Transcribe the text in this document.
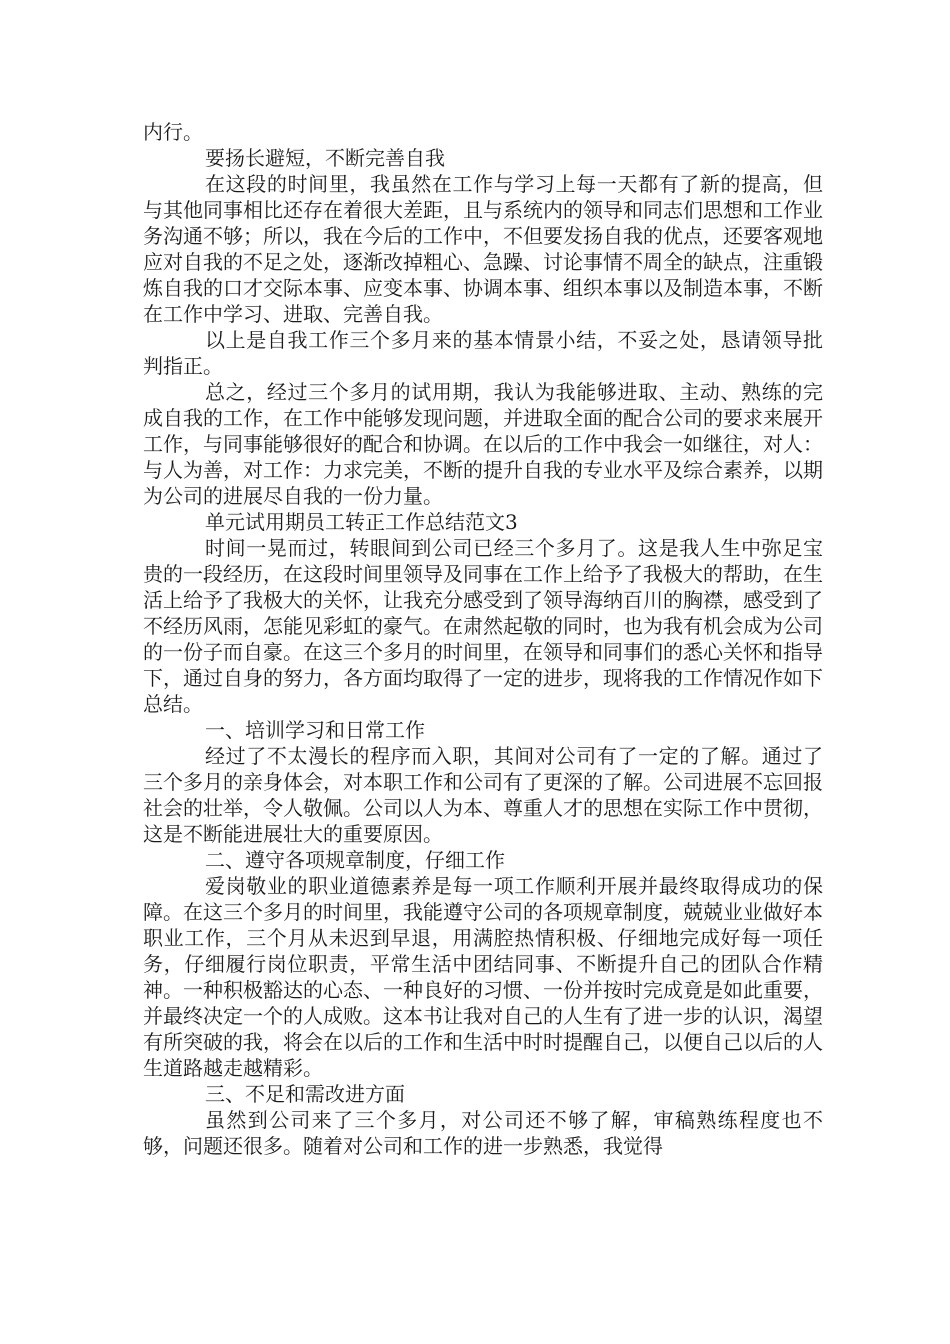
内行。

要扬长避短，不断完善自我

在这段的时间里，我虽然在工作与学习上每一天都有了新的提高，但与其他同事相比还存在着很大差距，且与系统内的领导和同志们思想和工作业务沟通不够；所以，我在今后的工作中，不但要发扬自我的优点，还要客观地应对自我的不足之处，逐渐改掉粗心、急躁、讨论事情不周全的缺点，注重锻炼自我的口才交际本事、应变本事、协调本事、组织本事以及制造本事，不断在工作中学习、进取、完善自我。

以上是自我工作三个多月来的基本情景小结，不妥之处，恳请领导批判指正。

总之，经过三个多月的试用期，我认为我能够进取、主动、熟练的完成自我的工作，在工作中能够发现问题，并进取全面的配合公司的要求来展开工作，与同事能够很好的配合和协调。在以后的工作中我会一如继往，对人：与人为善，对工作：力求完美，不断的提升自我的专业水平及综合素养，以期为公司的进展尽自我的一份力量。

单元试用期员工转正工作总结范文3

时间一晃而过，转眼间到公司已经三个多月了。这是我人生中弥足宝贵的一段经历，在这段时间里领导及同事在工作上给予了我极大的帮助，在生活上给予了我极大的关怀，让我充分感受到了领导海纳百川的胸襟，感受到了不经历风雨，怎能见彩虹的豪气。在肃然起敬的同时，也为我有机会成为公司的一份子而自豪。在这三个多月的时间里，在领导和同事们的悉心关怀和指导下，通过自身的努力，各方面均取得了一定的进步，现将我的工作情况作如下总结。

一、培训学习和日常工作

经过了不太漫长的程序而入职，其间对公司有了一定的了解。通过了三个多月的亲身体会，对本职工作和公司有了更深的了解。公司进展不忘回报社会的壮举，令人敬佩。公司以人为本、尊重人才的思想在实际工作中贯彻，这是不断能进展壮大的重要原因。

二、遵守各项规章制度，仔细工作

爱岗敬业的职业道德素养是每一项工作顺利开展并最终取得成功的保障。在这三个多月的时间里，我能遵守公司的各项规章制度，兢兢业业做好本职业工作，三个月从未迟到早退，用满腔热情积极、仔细地完成好每一项任务，仔细履行岗位职责，平常生活中团结同事、不断提升自己的团队合作精神。一种积极豁达的心态、一种良好的习惯、一份并按时完成竟是如此重要，并最终决定一个的人成败。这本书让我对自己的人生有了进一步的认识，渴望有所突破的我，将会在以后的工作和生活中时时提醒自己，以便自己以后的人生道路越走越精彩。

三、不足和需改进方面

虽然到公司来了三个多月，对公司还不够了解，审稿熟练程度也不够，问题还很多。随着对公司和工作的进一步熟悉，我觉得
